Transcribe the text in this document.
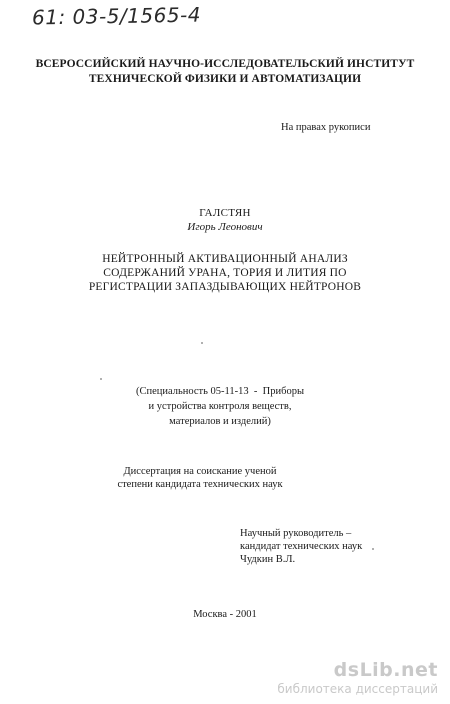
61: 03-5/1565-4
ВСЕРОССИЙСКИЙ НАУЧНО-ИССЛЕДОВАТЕЛЬСКИЙ ИНСТИТУТ
ТЕХНИЧЕСКОЙ ФИЗИКИ И АВТОМАТИЗАЦИИ
На правах рукописи
ГАЛСТЯН
Игорь Леонович
НЕЙТРОННЫЙ АКТИВАЦИОННЫЙ АНАЛИЗ
СОДЕРЖАНИЙ УРАНА, ТОРИЯ И ЛИТИЯ ПО
РЕГИСТРАЦИИ ЗАПАЗДЫВАЮЩИХ НЕЙТРОНОВ
(Специальность 05-11-13  -  Приборы
и устройства контроля веществ,
материалов и изделий)
Диссертация на соискание ученой
степени кандидата технических наук
Научный руководитель –
кандидат технических наук
Чудкин В.Л.
Москва - 2001
dsLib.net
библиотека диссертаций
